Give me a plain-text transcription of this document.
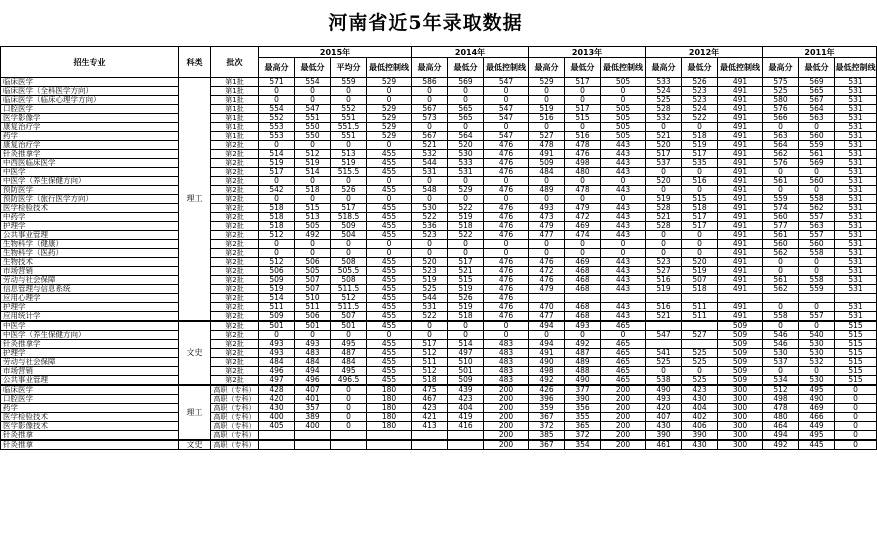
河南省近5年录取数据
招生专业	科类	批次	2015年				2014年			2013年			2012年			2011年		
			最高分	最低分	平均分	最低控制线	最高分	最低分	最低控制线	最高分	最低分	最低控制线	最高分	最低分	最低控制线	最高分	最低分	最低控制线
临床医学	理工	第1批	571	554	559	529	586	569	547	529	517	505	533	526	491	575	569	531
临床医学（全科医学方向）		第1批	0	0	0	0	0	0	0	0	0	0	524	523	491	525	565	531
临床医学（临床心理学方向）		第1批	0	0	0	0	0	0	0	0	0	0	525	523	491	580	567	531
口腔医学		第1批	554	547	552	529	567	565	547	519	517	505	528	524	491	576	564	531
医学影像学		第1批	552	551	551	529	573	565	547	516	515	505	532	522	491	566	563	531
康复治疗学		第1批	553	550	551.5	529	0	0	0	0	0	505	0	0	491	0	0	531
药学		第1批	553	550	551	529	567	564	547	527	516	505	521	518	491	563	560	531
康复治疗学		第2批	0	0	0	0	521	520	476	478	478	443	520	519	491	564	559	531
针灸推拿学		第2批	514	512	513	455	532	530	476	491	476	443	517	517	491	562	561	531
中西医临床医学		第2批	519	519	519	455	544	533	476	509	498	443	537	535	491	576	569	531
中医学		第2批	517	514	515.5	455	531	531	476	484	480	443	0	0	491	0	0	531
中医学（养生保健方向）		第2批	0	0	0	0	0	0	0	0	0	0	520	516	491	561	560	531
预防医学		第2批	542	518	526	455	548	529	476	489	478	443	0	0	491	0	0	531
预防医学（旅行医学方向）		第2批	0	0	0	0	0	0	0	0	0	0	519	515	491	559	558	531
医学检验技术		第2批	518	515	517	455	530	522	476	493	479	443	528	518	491	574	562	531
中药学		第2批	518	513	518.5	455	522	519	476	473	472	443	521	517	491	560	557	531
护理学		第2批	518	505	509	455	536	518	476	479	469	443	528	517	491	577	563	531
公共事业管理		第2批	512	492	504	455	523	522	476	477	474	443	0	0	491	561	557	531
生物科学（健康）		第2批	0	0	0	0	0	0	0	0	0	0	0	0	491	560	560	531
生物科学（医药）		第2批	0	0	0	0	0	0	0	0	0	0	0	0	491	562	558	531
生物技术		第2批	512	506	508	455	520	517	476	476	469	443	523	520	491	0	0	531
市场营销		第2批	506	505	505.5	455	523	521	476	472	468	443	527	519	491	0	0	531
劳动与社会保障		第2批	509	507	508	455	519	515	476	476	468	443	516	507	491	561	558	531
信息管理与信息系统		第2批	519	507	511.5	455	525	519	476	479	468	443	519	518	491	562	559	531
应用心理学		第2批	514	510	512	455	544	526	476									
护理学		第2批	511	511	511.5	455	531	519	476	470	468	443	516	511	491	0	0	531
应用统计学		第2批	509	506	507	455	522	518	476	477	468	443	521	511	491	558	557	531
中医学	文史	第2批	501	501	501	455	0	0	0	494	493	465			509	0	0	515
中医学（养生保健方向）		第2批	0	0	0	0	0	0	0	0	0	0	547	527	509	546	540	515
针灸推拿学		第2批	493	493	495	455	517	514	483	494	492	465			509	546	530	515
护理学		第2批	493	483	487	455	512	497	483	491	487	465	541	525	509	530	530	515
劳动与社会保障		第2批	484	484	484	455	511	510	483	490	489	465	525	525	509	537	532	515
市场营销		第2批	496	494	495	455	512	501	483	498	488	465	0	0	509	0	0	515
公共事业管理		第2批	497	496	496.5	455	518	509	483	492	490	465	538	525	509	534	530	515
临床医学	理工	高职（专科）	428	407	0	180	475	439	200	426	377	200	490	423	300	512	495	0
口腔医学		高职（专科）	420	401	0	180	467	423	200	396	390	200	493	430	300	498	490	0
药学		高职（专科）	430	357	0	180	423	404	200	359	356	200	420	404	300	478	469	0
医学检验技术		高职（专科）	400	389	0	180	421	419	200	367	355	200	407	402	300	480	466	0
医学影像技术		高职（专科）	405	400	0	180	413	416	200	372	365	200	430	406	300	464	449	0
针灸推拿		高职（专科）							200	385	372	200	390	390	300	494	495	0
针灸推拿	文史	高职（专科）							200	367	354	200	461	430	300	492	445	0
